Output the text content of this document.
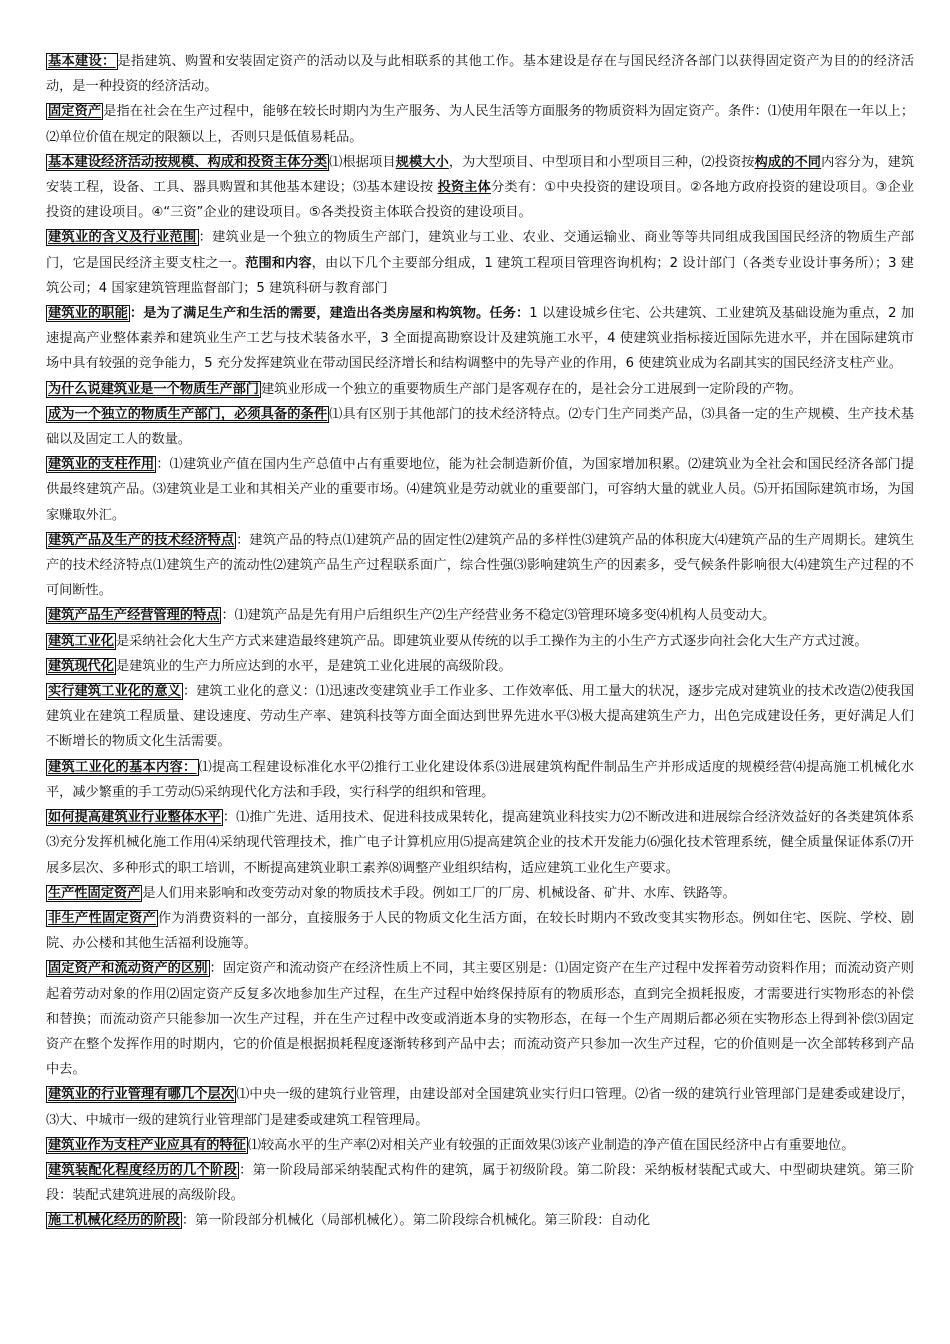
基本建设： 是指建筑、购置和安装固定资产的活动以及与此相联系的其他工作。基本建设是存在与国民经济各部门以获得固定资产为目的的经济活动，是一种投资的经济活动。

固定资产 是指在社会在生产过程中，能够在较长时期内为生产服务、为人民生活等方面服务的物质资料为固定资产。条件：⑴使用年限在一年以上；⑵单位价值在规定的限额以上，否则只是低值易耗品。

基本建设经济活动按规模、构成和投资主体分类 ⑴根据项目规模大小，为大型项目、中型项目和小型项目三种，⑵投资按构成的不同内容分为，建筑安装工程，设备、工具、器具购置和其他基本建设；⑶基本建设按 投资主体分类有：①中央投资的建设项目。②各地方政府投资的建设项目。③企业投资的建设项目。④“三资”企业的建设项目。⑤各类投资主体联合投资的建设项目。

建筑业的含义及行业范围 ：建筑业是一个独立的物质生产部门，建筑业与工业、农业、交通运输业、商业等等共同组成我国国民经济的物质生产部门，它是国民经济主要支柱之一。范围和内容，由以下几个主要部分组成，1 建筑工程项目管理咨询机构；2 设计部门（各类专业设计事务所）；3 建筑公司；4 国家建筑管理监督部门；5 建筑科研与教育部门

建筑业的职能 ：是为了满足生产和生活的需要，建造出各类房屋和构筑物。任务：1 以建设城乡住宅、公共建筑、工业建筑及基础设施为重点，2 加速提高产业整体素养和建筑业生产工艺与技术装备水平，3 全面提高勘察设计及建筑施工水平，4 使建筑业指标接近国际先进水平，并在国际建筑市场中具有较强的竞争能力，5 充分发挥建筑业在带动国民经济增长和结构调整中的先导产业的作用，6 使建筑业成为名副其实的国民经济支柱产业。

为什么说建筑业是一个物质生产部门 建筑业形成一个独立的重要物质生产部门是客观存在的，是社会分工进展到一定阶段的产物。

成为一个独立的物质生产部门，必须具备的条件 ⑴具有区别于其他部门的技术经济特点。⑵专门生产同类产品，⑶具备一定的生产规模、生产技术基础以及固定工人的数量。

建筑业的支柱作用 ：⑴建筑业产值在国内生产总值中占有重要地位，能为社会制造新价值，为国家增加积累。⑵建筑业为全社会和国民经济各部门提供最终建筑产品。⑶建筑业是工业和其相关产业的重要市场。⑷建筑业是劳动就业的重要部门，可容纳大量的就业人员。⑸开拓国际建筑市场，为国家赚取外汇。

建筑产品及生产的技术经济特点 ：建筑产品的特点⑴建筑产品的固定性⑵建筑产品的多样性⑶建筑产品的体积庞大⑷建筑产品的生产周期长。建筑生产的技术经济特点⑴建筑生产的流动性⑵建筑产品生产过程联系面广，综合性强⑶影响建筑生产的因素多，受气候条件影响很大⑷建筑生产过程的不可间断性。

建筑产品生产经营管理的特点 ：⑴建筑产品是先有用户后组织生产⑵生产经营业务不稳定⑶管理环境多变⑷机构人员变动大。

建筑工业化 是采纳社会化大生产方式来建造最终建筑产品。即建筑业要从传统的以手工操作为主的小生产方式逐步向社会化大生产方式过渡。

建筑现代化 是建筑业的生产力所应达到的水平，是建筑工业化进展的高级阶段。

实行建筑工业化的意义 ：建筑工业化的意义：⑴迅速改变建筑业手工作业多、工作效率低、用工量大的状况，逐步完成对建筑业的技术改造⑵使我国建筑业在建筑工程质量、建设速度、劳动生产率、建筑科技等方面全面达到世界先进水平⑶极大提高建筑生产力，出色完成建设任务，更好满足人们不断增长的物质文化生活需要。

建筑工业化的基本内容： ⑴提高工程建设标准化水平⑵推行工业化建设体系⑶进展建筑构配件制品生产并形成适度的规模经营⑷提高施工机械化水平，减少繁重的手工劳动⑸采纳现代化方法和手段，实行科学的组织和管理。

如何提高建筑业行业整体水平 ：⑴推广先进、适用技术、促进科技成果转化，提高建筑业科技实力⑵不断改进和进展综合经济效益好的各类建筑体系⑶充分发挥机械化施工作用⑷采纳现代管理技术，推广电子计算机应用⑸提高建筑企业的技术开发能力⑹强化技术管理系统，健全质量保证体系⑺开展多层次、多种形式的职工培训，不断提高建筑业职工素养⑻调整产业组织结构，适应建筑工业化生产要求。

生产性固定资产 是人们用来影响和改变劳动对象的物质技术手段。例如工厂的厂房、机械设备、矿井、水库、铁路等。

非生产性固定资产 作为消费资料的一部分，直接服务于人民的物质文化生活方面，在较长时期内不致改变其实物形态。例如住宅、医院、学校、剧院、办公楼和其他生活福利设施等。

固定资产和流动资产的区别 ：固定资产和流动资产在经济性质上不同，其主要区别是：⑴固定资产在生产过程中发挥着劳动资料作用；而流动资产则起着劳动对象的作用⑵固定资产反复多次地参加生产过程，在生产过程中始终保持原有的物质形态，直到完全损耗报废，才需要进行实物形态的补偿和替换；而流动资产只能参加一次生产过程，并在生产过程中改变或消逝本身的实物形态，在每一个生产周期后都必须在实物形态上得到补偿⑶固定资产在整个发挥作用的时期内，它的价值是根据损耗程度逐渐转移到产品中去；而流动资产只参加一次生产过程，它的价值则是一次全部转移到产品中去。

建筑业的行业管理有哪几个层次 ⑴中央一级的建筑行业管理，由建设部对全国建筑业实行归口管理。⑵省一级的建筑行业管理部门是建委或建设厅，⑶大、中城市一级的建筑行业管理部门是建委或建筑工程管理局。

建筑业作为支柱产业应具有的特征 ⑴较高水平的生产率⑵对相关产业有较强的正面效果⑶该产业制造的净产值在国民经济中占有重要地位。

建筑装配化程度经历的几个阶段 ：第一阶段局部采纳装配式构件的建筑，属于初级阶段。第二阶段：采纳板材装配式或大、中型砌块建筑。第三阶段：装配式建筑进展的高级阶段。

施工机械化经历的阶段 ：第一阶段部分机械化（局部机械化）。第二阶段综合机械化。第三阶段：自动化
